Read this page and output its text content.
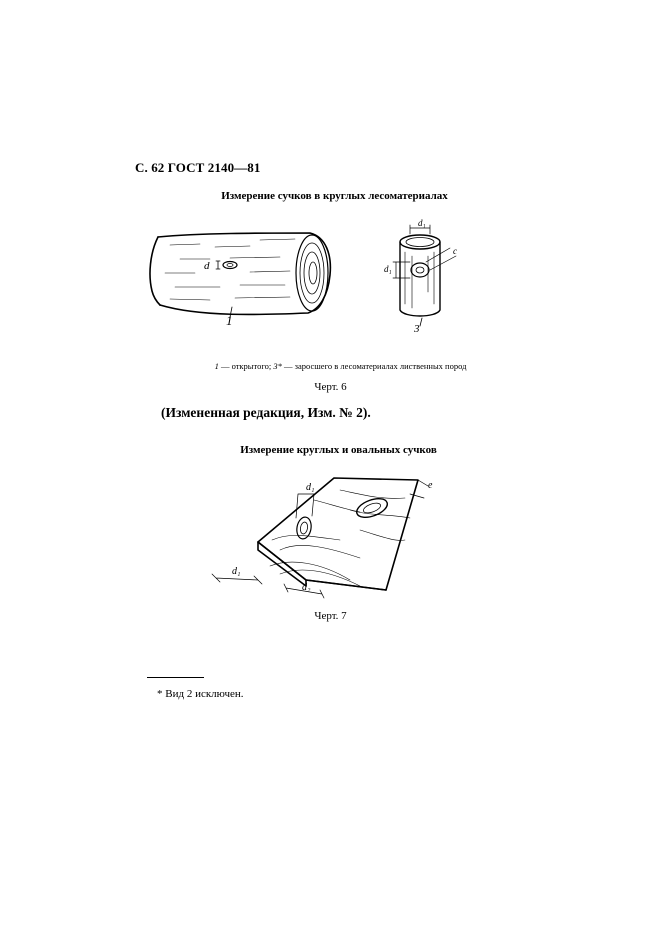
С. 62 ГОСТ 2140—81
Измерение сучков в круглых лесоматериалах
d
1
d₁
d₁
c
3
1 — открытого; 3* — заросшего в лесоматериалах лиственных пород
Черт. 6
(Измененная редакция, Изм. № 2).
Измерение круглых и овальных сучков
d₁
d₁
d₂
e
Черт. 7
* Вид 2 исключен.
